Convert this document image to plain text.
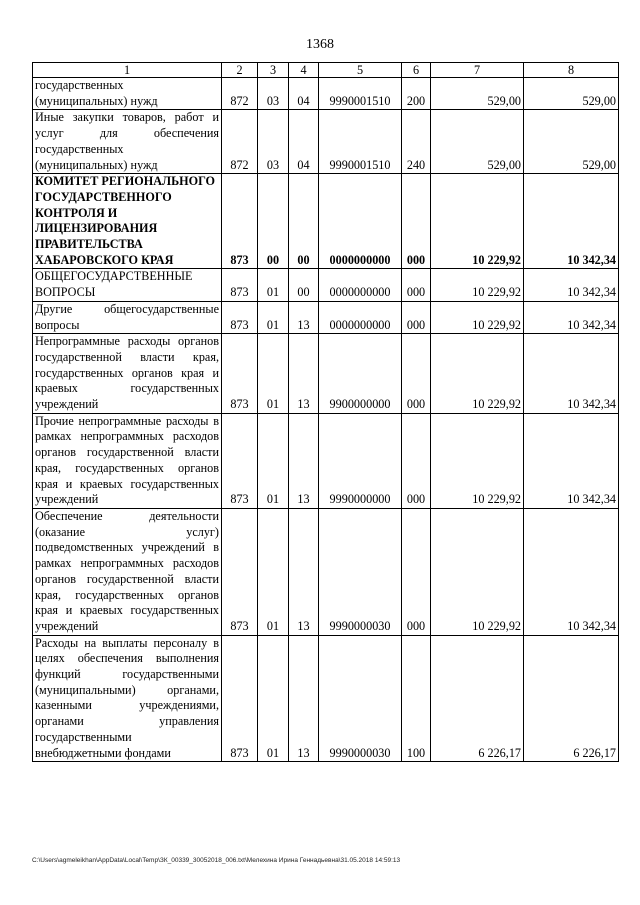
1368
1	2	3	4	5	6	7	8
государственных (муниципальных) нужд	872	03	04	9990001510	200	529,00	529,00
Иные закупки товаров, работ и услуг для обеспечения государственных (муниципальных) нужд	872	03	04	9990001510	240	529,00	529,00
КОМИТЕТ РЕГИОНАЛЬНОГО ГОСУДАРСТВЕННОГО КОНТРОЛЯ И ЛИЦЕНЗИРОВАНИЯ ПРАВИТЕЛЬСТВА ХАБАРОВСКОГО КРАЯ	873	00	00	0000000000	000	10 229,92	10 342,34
ОБЩЕГОСУДАРСТВЕННЫЕ ВОПРОСЫ	873	01	00	0000000000	000	10 229,92	10 342,34
Другие общегосударственные вопросы	873	01	13	0000000000	000	10 229,92	10 342,34
Непрограммные расходы органов государственной власти края, государственных органов края и краевых государственных учреждений	873	01	13	9900000000	000	10 229,92	10 342,34
Прочие непрограммные расходы в рамках непрограммных расходов органов государственной власти края, государственных органов края и краевых государственных учреждений	873	01	13	9990000000	000	10 229,92	10 342,34
Обеспечение деятельности (оказание услуг) подведомственных учреждений в рамках непрограммных расходов органов государственной власти края, государственных органов края и краевых государственных учреждений	873	01	13	9990000030	000	10 229,92	10 342,34
Расходы на выплаты персоналу в целях обеспечения выполнения функций государственными (муниципальными) органами, казенными учреждениями, органами управления государственными внебюджетными фондами	873	01	13	9990000030	100	6 226,17	6 226,17
C:\Users\agmeleikhan\AppData\Local\Temp\ЗК_00339_30052018_006.txt\Мелехина Ирина Геннадьевна\31.05.2018 14:59:13
